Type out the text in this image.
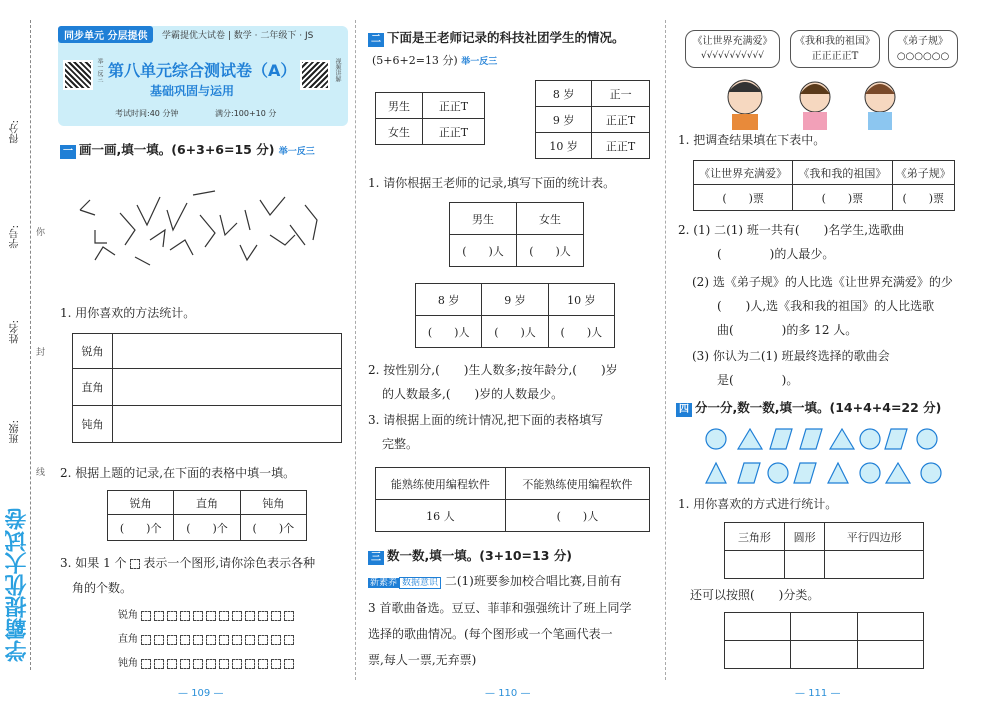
得分:
学号:
姓名:
班级:
你
封
线
学霸提优大试卷
同步单元 分层提供	学霸提优大试卷 | 数学 · 二年级下 · JS
举一反三	视频讲解
第八单元综合测试卷（A）
基础巩固与运用
考试时间:40 分钟	满分:100+10 分
一 画一画,填一填。(6+3+6=15 分) 举一反三
1. 用你喜欢的方法统计。
锐角	
直角	
钝角	
2. 根据上题的记录,在下面的表格中填一填。
锐角	直角	钝角
(　　)个	(　　)个	(　　)个
3. 如果 1 个 表示一个图形,请你涂色表示各种
角的个数。
锐角
直角
钝角
— 109 —
二 下面是王老师记录的科技社团学生的情况。
(5+6+2=13 分) 举一反三
男生	正正T
女生	正正T
8 岁	正一
9 岁	正正T
10 岁	正正T
1. 请你根据王老师的记录,填写下面的统计表。
男生	女生
(　　)人	(　　)人
8 岁	9 岁	10 岁
(　　)人	(　　)人	(　　)人
2. 按性别分,(　　)生人数多;按年龄分,(　　)岁
的人数最多,(　　)岁的人数最少。
3. 请根据上面的统计情况,把下面的表格填写
完整。
能熟练使用编程软件	不能熟练使用编程软件
16 人	(　　)人
三 数一数,填一填。(3+10=13 分)
新素养 数据意识 二(1)班要参加校合唱比赛,目前有
3 首歌曲备选。豆豆、菲菲和强强统计了班上同学
选择的歌曲情况。(每个图形或一个笔画代表一
票,每人一票,无弃票)
— 110 —
《让世界充满爱》
√√√√√√√√√√√
《我和我的祖国》
正正正正T
《弟子规》
○○○○○○
1. 把调查结果填在下表中。
《让世界充满爱》	《我和我的祖国》	《弟子规》
(　　)票	(　　)票	(　　)票
2. (1) 二(1) 班一共有(　　)名学生,选歌曲
(　　　　)的人最少。
(2) 选《弟子规》的人比选《让世界充满爱》的少
(　　)人,选《我和我的祖国》的人比选歌
曲(　　　　)的多 12 人。
(3) 你认为二(1) 班最终选择的歌曲会
是(　　　　)。
四 分一分,数一数,填一填。(14+4+4=22 分)
1. 用你喜欢的方式进行统计。
三角形	圆形	平行四边形

还可以按照(　　)分类。

— 111 —
